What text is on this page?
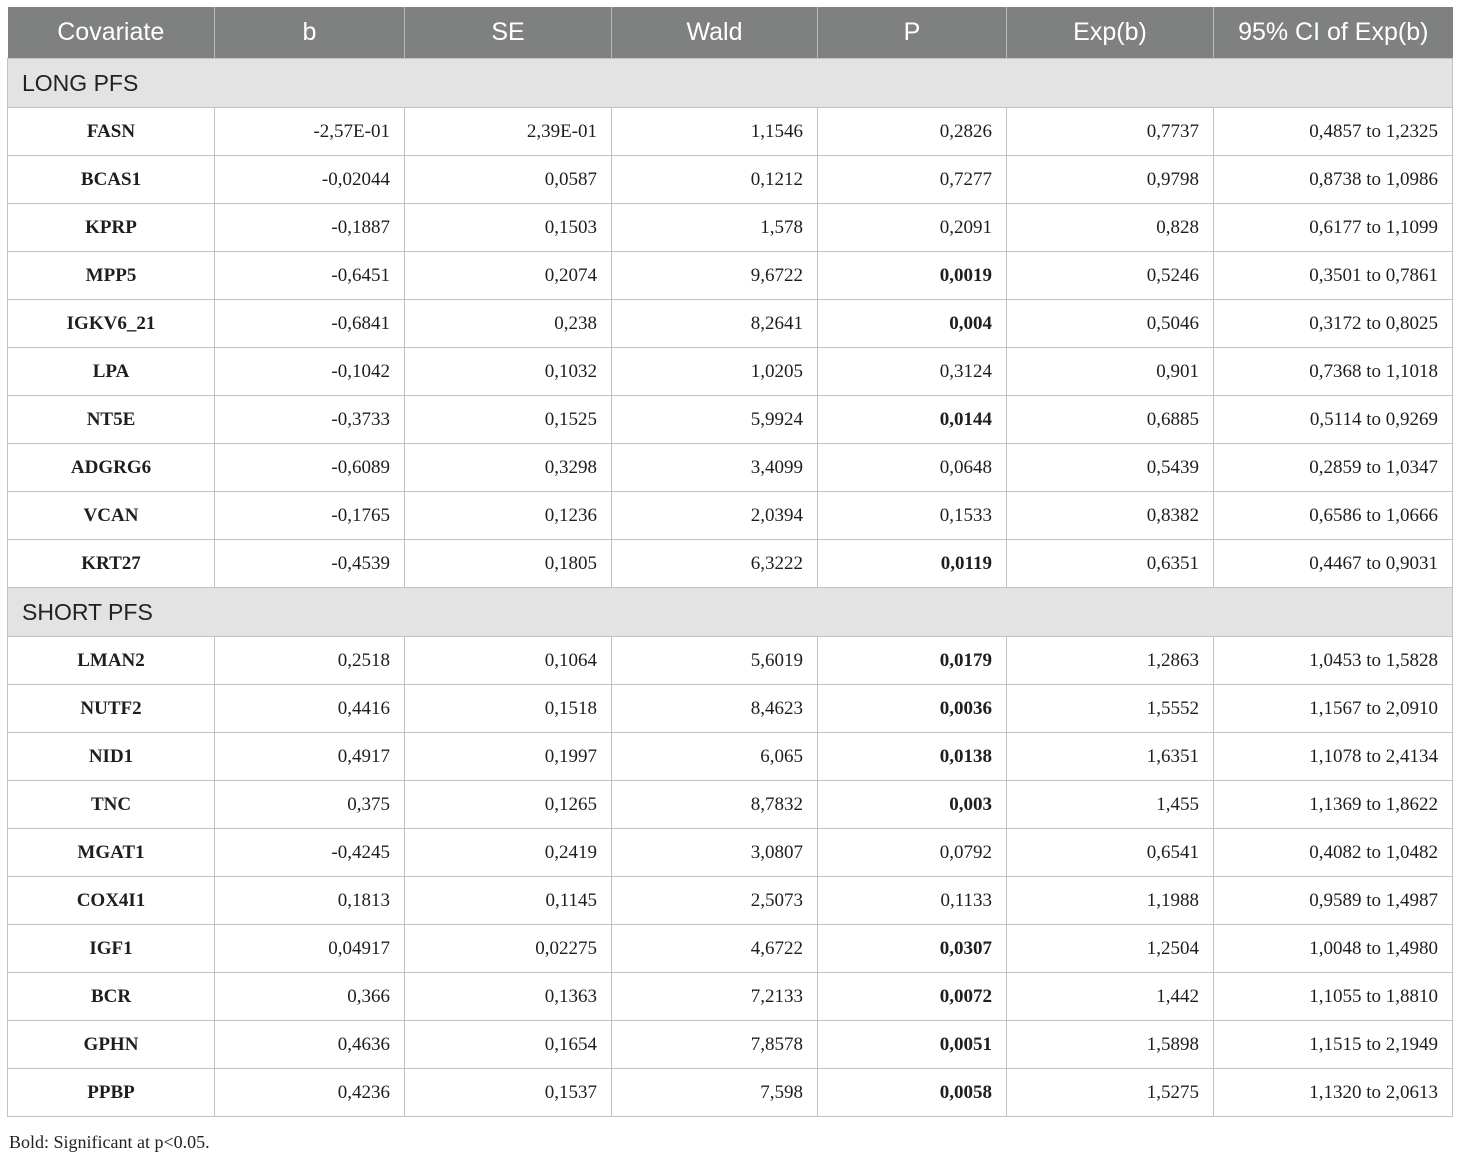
Covariate	b	SE	Wald	P	Exp(b)	95% CI of Exp(b)
LONG PFS						
FASN	-2,57E-01	2,39E-01	1,1546	0,2826	0,7737	0,4857 to 1,2325
BCAS1	-0,02044	0,0587	0,1212	0,7277	0,9798	0,8738 to 1,0986
KPRP	-0,1887	0,1503	1,578	0,2091	0,828	0,6177 to 1,1099
MPP5	-0,6451	0,2074	9,6722	0,0019	0,5246	0,3501 to 0,7861
IGKV6_21	-0,6841	0,238	8,2641	0,004	0,5046	0,3172 to 0,8025
LPA	-0,1042	0,1032	1,0205	0,3124	0,901	0,7368 to 1,1018
NT5E	-0,3733	0,1525	5,9924	0,0144	0,6885	0,5114 to 0,9269
ADGRG6	-0,6089	0,3298	3,4099	0,0648	0,5439	0,2859 to 1,0347
VCAN	-0,1765	0,1236	2,0394	0,1533	0,8382	0,6586 to 1,0666
KRT27	-0,4539	0,1805	6,3222	0,0119	0,6351	0,4467 to 0,9031
SHORT PFS						
LMAN2	0,2518	0,1064	5,6019	0,0179	1,2863	1,0453 to 1,5828
NUTF2	0,4416	0,1518	8,4623	0,0036	1,5552	1,1567 to 2,0910
NID1	0,4917	0,1997	6,065	0,0138	1,6351	1,1078 to 2,4134
TNC	0,375	0,1265	8,7832	0,003	1,455	1,1369 to 1,8622
MGAT1	-0,4245	0,2419	3,0807	0,0792	0,6541	0,4082 to 1,0482
COX4I1	0,1813	0,1145	2,5073	0,1133	1,1988	0,9589 to 1,4987
IGF1	0,04917	0,02275	4,6722	0,0307	1,2504	1,0048 to 1,4980
BCR	0,366	0,1363	7,2133	0,0072	1,442	1,1055 to 1,8810
GPHN	0,4636	0,1654	7,8578	0,0051	1,5898	1,1515 to 2,1949
PPBP	0,4236	0,1537	7,598	0,0058	1,5275	1,1320 to 2,0613
Bold: Significant at p<0.05.
